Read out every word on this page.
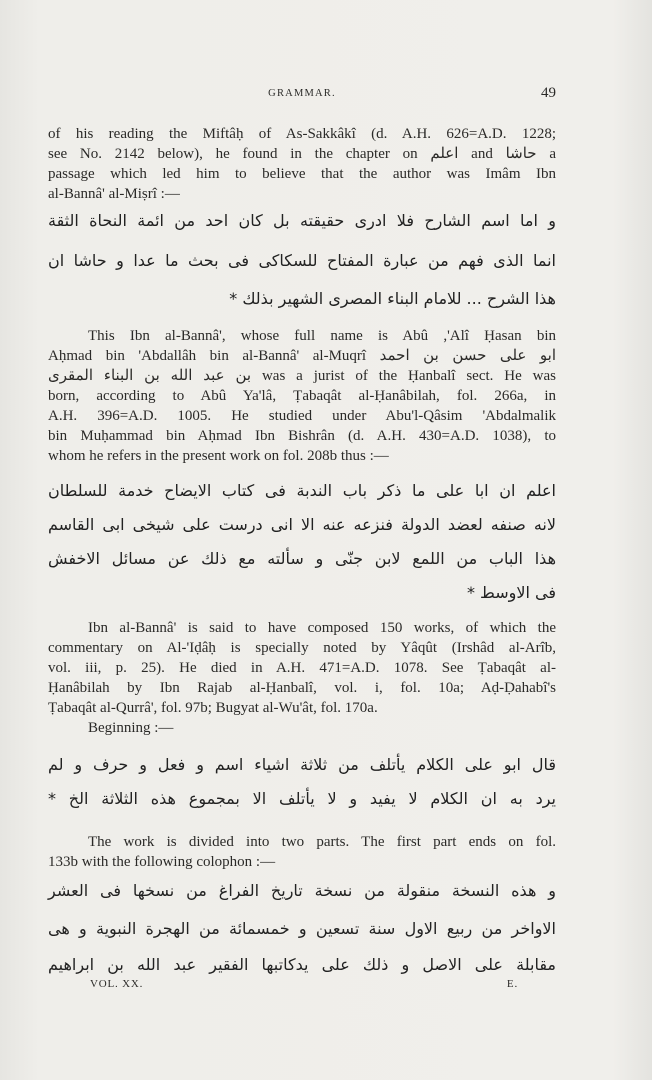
GRAMMAR.	49
of his reading the Miftâḥ of As-Sakkâkî (d. A.H. 626=A.D. 1228;
see No. 2142 below), he found in the chapter on اعلم and حاشا a
passage which led him to believe that the author was Imâm Ibn
al-Bannâ' al-Miṣrî :—
و اما اسم الشارح فلا ادرى حقيقته بل كان احد من ائمة النحاة الثقة
انما الذى فهم من عبارة المفتاح للسكاكى فى بحث ما عدا و حاشا ان
هذا الشرح ... للامام البناء المصرى الشهير بذلك *
This Ibn al-Bannâ', whose full name is Abû ,'Alî Ḥasan bin
Aḥmad bin 'Abdallâh bin al-Bannâ' al-Muqrî ابو على حسن بن احمد
بن عبد الله بن البناء المقرى was a jurist of the Ḥanbalî sect. He was
born, according to Abû Ya'lâ, Ṭabaqât al-Ḥanâbilah, fol. 266a, in
A.H. 396=A.D. 1005. He studied under Abu'l-Qâsim 'Abdalmalik
bin Muḥammad bin Aḥmad Ibn Bishrân (d. A.H. 430=A.D. 1038), to
whom he refers in the present work on fol. 208b thus :—
اعلم ان ابا على ما ذكر باب الندبة فى كتاب الايضاح خدمة للسلطان
لانه صنفه لعضد الدولة فنزعه عنه الا انى درست على شيخى ابى القاسم
هذا الباب من اللمع لابن جنّى و سألته مع ذلك عن مسائل الاخفش
فى الاوسط *
Ibn al-Bannâ' is said to have composed 150 works, of which the
commentary on Al-'Iḍâḥ is specially noted by Yâqût (Irshâd al-Arîb,
vol. iii, p. 25). He died in A.H. 471=A.D. 1078. See Ṭabaqât al-
Ḥanâbilah by Ibn Rajab al-Ḥanbalî, vol. i, fol. 10a; Aḍ-Ḍahabî's
Ṭabaqât al-Qurrâ', fol. 97b; Bugyat al-Wu'ât, fol. 170a.
Beginning :—
قال ابو على الكلام يأتلف من ثلاثة اشياء اسم و فعل و حرف و لم
يرد به ان الكلام لا يفيد و لا يأتلف الا بمجموع هذه الثلاثة الخ *
The work is divided into two parts. The first part ends on fol.
133b with the following colophon :—
و هذه النسخة منقولة من نسخة تاريخ الفراغ من نسخها فى العشر
الاواخر من ربيع الاول سنة تسعين و خمسمائة من الهجرة النبوية و هى
مقابلة على الاصل و ذلك على يدكاتبها الفقير عبد الله بن ابراهيم
VOL. XX.	E.
